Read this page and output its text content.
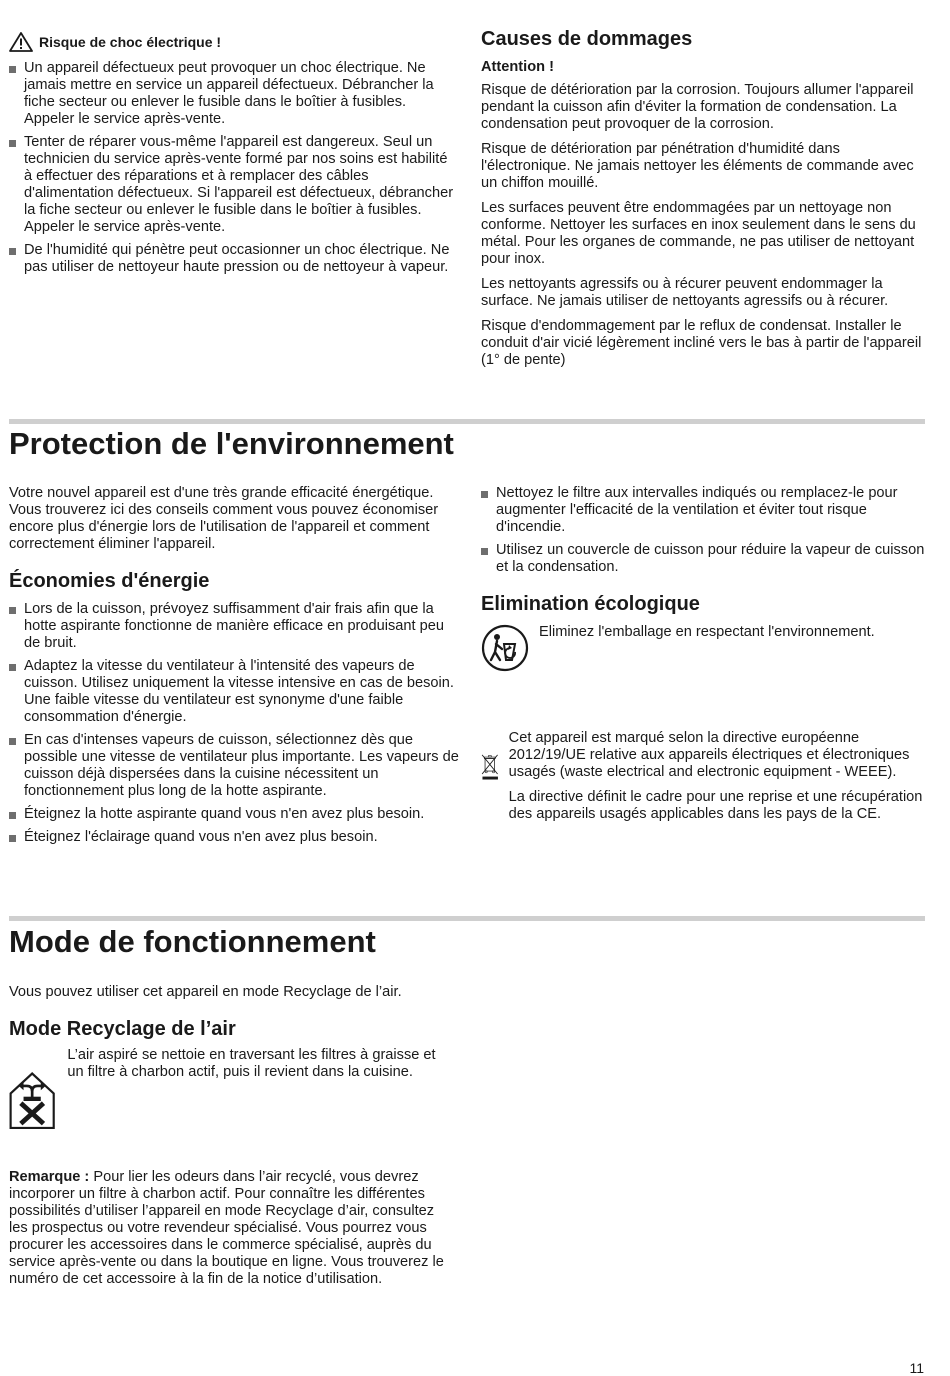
Risque de choc électrique !
Un appareil défectueux peut provoquer un choc électrique. Ne jamais mettre en service un appareil défectueux. Débrancher la fiche secteur ou enlever le fusible dans le boîtier à fusibles. Appeler le service après-vente.
Tenter de réparer vous-même l'appareil est dangereux. Seul un technicien du service après-vente formé par nos soins est habilité à effectuer des réparations et à remplacer des câbles d'alimentation défectueux. Si l'appareil est défectueux, débrancher la fiche secteur ou enlever le fusible dans le boîtier à fusibles. Appeler le service après-vente.
De l'humidité qui pénètre peut occasionner un choc électrique. Ne pas utiliser de nettoyeur haute pression ou de nettoyeur à vapeur.
Causes de dommages

Attention !

Risque de détérioration par la corrosion. Toujours allumer l'appareil pendant la cuisson afin d'éviter la formation de condensation. La condensation peut provoquer de la corrosion.

Risque de détérioration par pénétration d'humidité dans l'électronique. Ne jamais nettoyer les éléments de commande avec un chiffon mouillé.

Les surfaces peuvent être endommagées par un nettoyage non conforme. Nettoyer les surfaces en inox seulement dans le sens du métal. Pour les organes de commande, ne pas utiliser de nettoyant pour inox.

Les nettoyants agressifs ou à récurer peuvent endommager la surface. Ne jamais utiliser de nettoyants agressifs ou à récurer.

Risque d'endommagement par le reflux de condensat. Installer le conduit d'air vicié légèrement incliné vers le bas à partir de l'appareil (1° de pente)

Protection de l'environnement

Votre nouvel appareil est d'une très grande efficacité énergétique. Vous trouverez ici des conseils comment vous pouvez économiser encore plus d'énergie lors de l'utilisation de l'appareil et comment correctement éliminer l'appareil.

Économies d'énergie
Lors de la cuisson, prévoyez suffisamment d'air frais afin que la hotte aspirante fonctionne de manière efficace en produisant peu de bruit.
Adaptez la vitesse du ventilateur à l'intensité des vapeurs de cuisson. Utilisez uniquement la vitesse intensive en cas de besoin. Une faible vitesse du ventilateur est synonyme d'une faible consommation d'énergie.
En cas d'intenses vapeurs de cuisson, sélectionnez dès que possible une vitesse de ventilateur plus importante. Les vapeurs de cuisson déjà dispersées dans la cuisine nécessitent un fonctionnement plus long de la hotte aspirante.
Éteignez la hotte aspirante quand vous n'en avez plus besoin.
Éteignez l'éclairage quand vous n'en avez plus besoin.
Nettoyez le filtre aux intervalles indiqués ou remplacez-le pour augmenter l'efficacité de la ventilation et éviter tout risque d'incendie.
Utilisez un couvercle de cuisson pour réduire la vapeur de cuisson et la condensation.
Elimination écologique
Eliminez l'emballage en respectant l'environnement.

Cet appareil est marqué selon la directive européenne 2012/19/UE relative aux appareils électriques et électroniques usagés (waste electrical and electronic equipment - WEEE).

La directive définit le cadre pour une reprise et une récupération des appareils usagés applicables dans les pays de la CE.

Mode de fonctionnement

Vous pouvez utiliser cet appareil en mode Recyclage de l’air.

Mode Recyclage de l’air
L’air aspiré se nettoie en traversant les filtres à graisse et un filtre à charbon actif, puis il revient dans la cuisine.

Remarque : Pour lier les odeurs dans l’air recyclé, vous devrez incorporer un filtre à charbon actif. Pour connaître les différentes possibilités d’utiliser l’appareil en mode Recyclage d’air, consultez les prospectus ou votre revendeur spécialisé. Vous pourrez vous procurer les accessoires dans le commerce spécialisé, auprès du service après-vente ou dans la boutique en ligne. Vous trouverez le numéro de cet accessoire à la fin de la notice d’utilisation.

11
